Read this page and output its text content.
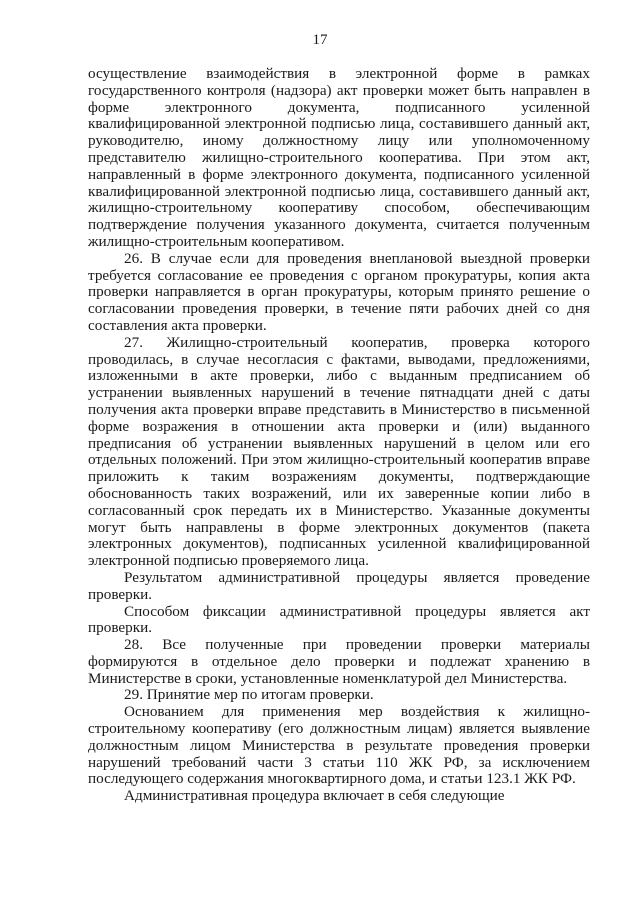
17

осуществление взаимодействия в электронной форме в рамках государственного контроля (надзора) акт проверки может быть направлен в форме электронного документа, подписанного усиленной квалифицированной электронной подписью лица, составившего данный акт, руководителю, иному должностному лицу или уполномоченному представителю жилищно-строительного кооператива. При этом акт, направленный в форме электронного документа, подписанного усиленной квалифицированной электронной подписью лица, составившего данный акт, жилищно-строительному кооперативу способом, обеспечивающим подтверждение получения указанного документа, считается полученным жилищно-строительным кооперативом.

26. В случае если для проведения внеплановой выездной проверки требуется согласование ее проведения с органом прокуратуры, копия акта проверки направляется в орган прокуратуры, которым принято решение о согласовании проведения проверки, в течение пяти рабочих дней со дня составления акта проверки.

27. Жилищно-строительный кооператив, проверка которого проводилась, в случае несогласия с фактами, выводами, предложениями, изложенными в акте проверки, либо с выданным предписанием об устранении выявленных нарушений в течение пятнадцати дней с даты получения акта проверки вправе представить в Министерство в письменной форме возражения в отношении акта проверки и (или) выданного предписания об устранении выявленных нарушений в целом или его отдельных положений. При этом жилищно-строительный кооператив вправе приложить к таким возражениям документы, подтверждающие обоснованность таких возражений, или их заверенные копии либо в согласованный срок передать их в Министерство. Указанные документы могут быть направлены в форме электронных документов (пакета электронных документов), подписанных усиленной квалифицированной электронной подписью проверяемого лица.

Результатом административной процедуры является проведение проверки.

Способом фиксации административной процедуры является акт проверки.

28. Все полученные при проведении проверки материалы формируются в отдельное дело проверки и подлежат хранению в Министерстве в сроки, установленные номенклатурой дел Министерства.

29. Принятие мер по итогам проверки.

Основанием для применения мер воздействия к жилищно-строительному кооперативу (его должностным лицам) является выявление должностным лицом Министерства в результате проведения проверки нарушений требований части 3 статьи 110 ЖК РФ, за исключением последующего содержания многоквартирного дома, и статьи 123.1 ЖК РФ.

Административная процедура включает в себя следующие
